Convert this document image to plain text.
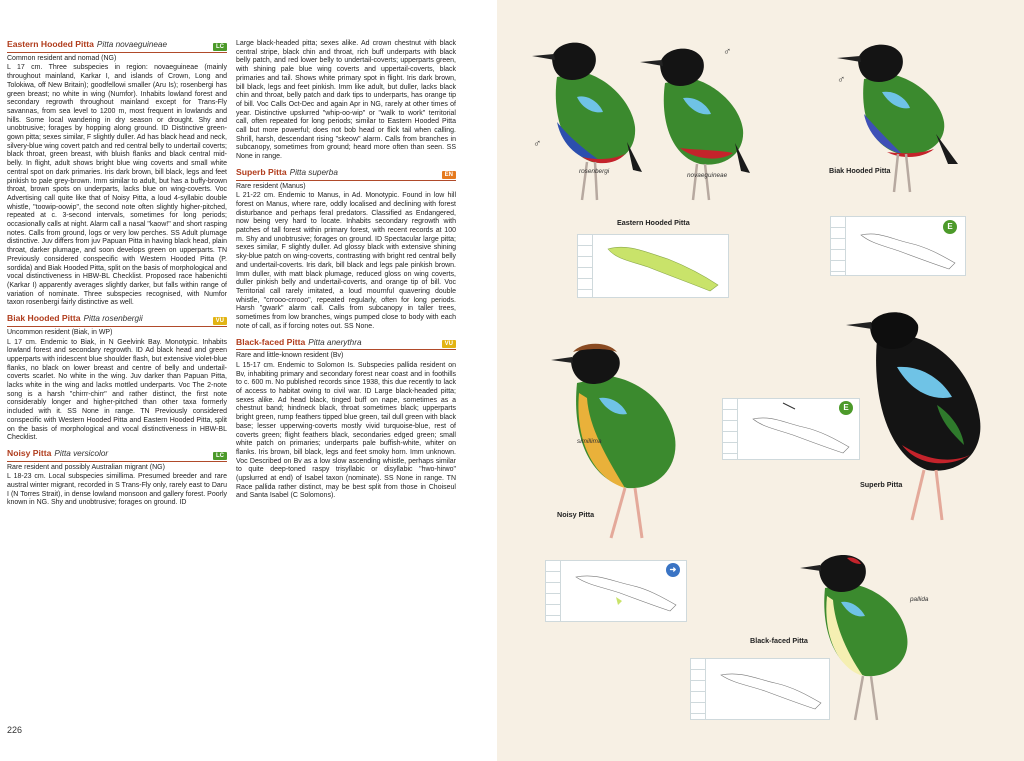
Eastern Hooded Pitta Pitta novaeguineae	LC
Common resident and nomad (NG)
L 17 cm. Three subspecies in region: novaeguineae (mainly throughout mainland, Karkar I, and islands of Crown, Long and Tolokiwa, off New Britain); goodfellowi smaller (Aru Is); rosenbergi has green breast; no white in wing (Numfor). Inhabits lowland forest and secondary regrowth throughout mainland except for Trans-Fly savannas, from sea level to 1200 m, most frequent in lowlands and hills. Some local wandering in dry season or drought. Shy and unobtrusive; forages by hopping along ground. ID Distinctive green-gown pitta; sexes similar, F slightly duller. Ad has black head and neck, silvery-blue wing covert patch and red central belly to undertail coverts; black throat, green breast, with bluish flanks and black central mid-belly. In flight, adult shows bright blue wing coverts and small white central spot on dark primaries. Iris dark brown, bill black, legs and feet pinkish to pale grey-brown. Imm similar to adult, but has a buffy-brown throat, brown spots on underparts, lacks blue on wing-coverts. Voc Advertising call quite like that of Noisy Pitta, a loud 4-syllabic double whistle, "toowip-oowip", the second note often slightly higher-pitched, repeated at c. 3-second intervals, sometimes for long periods; occasionally calls at night. Alarm call a nasal "kaow!" and short rasping notes. Calls from ground, logs or very low perches. SS Adult plumage distinctive. Juv differs from juv Papuan Pitta in having black head, plain throat, darker plumage, and soon develops green on upperparts. TN Previously considered conspecific with Western Hooded Pitta (P. sordida) and Biak Hooded Pitta, split on the basis of morphological and vocal distinctiveness in HBW-BL Checklist. Proposed race habenichti (Karkar I) apparently averages slightly darker, but falls within range of variation of nominate. Three subspecies recognised, with Numfor taxon rosenbergi fairly distinctive as well.
Biak Hooded Pitta Pitta rosenbergii	VU
Uncommon resident (Biak, in WP)
L 17 cm. Endemic to Biak, in N Geelvink Bay. Monotypic. Inhabits lowland forest and secondary regrowth. ID Ad black head and green upperparts with iridescent blue shoulder flash, but extensive violet-blue flanks, no black on lower breast and centre of belly and undertail-coverts scarlet. No white in the wing. Juv darker than Papuan Pitta, lacks white in the wing and lacks mottled underparts. Voc The 2-note song is a harsh "chirrr-chirr" and rather distinct, the first note considerably longer and higher-pitched than other taxa formerly included with it. SS None in range. TN Previously considered conspecific with Western Hooded Pitta and Eastern Hooded Pitta, split on the basis of morphological and vocal distinctiveness in HBW-BL Checklist.
Noisy Pitta Pitta versicolor	LC
Rare resident and possibly Australian migrant (NG)
L 18-23 cm. Local subspecies simillima. Presumed breeder and rare austral winter migrant, recorded in S Trans-Fly only, rarely east to Daru I (N Torres Strait), in dense lowland monsoon and gallery forest. Poorly known in NG. Shy and unobtrusive; forages on ground. ID
Large black-headed pitta; sexes alike. Ad crown chestnut with black central stripe, black chin and throat, rich buff underparts with black belly patch, and red lower belly to undertail-coverts; upperparts green, with shining pale blue wing coverts and uppertail-coverts, black primaries and tail. Shows white primary spot in flight. Iris dark brown, bill black, legs and feet pinkish. Imm like adult, but duller, lacks black chin and throat, belly patch and dark tips to underparts, has orange tip of bill. Voc Calls Oct-Dec and again Apr in NG, rarely at other times of year. Distinctive upslurred "whip-oo-wip" or "walk to work" territorial call, often repeated for long periods; similar to Eastern Hooded Pitta call but more powerful; does not bob head or flick tail when calling. Shrill, harsh, descendant rising "skeow" alarm. Calls from branches in subcanopy, sometimes from ground; heard more often than seen. SS None in range.
Superb Pitta Pitta superba	EN
Rare resident (Manus)
L 21-22 cm. Endemic to Manus, in Ad. Monotypic. Found in low hill forest on Manus, where rare, oddly localised and declining with forest disturbance and perhaps feral predators. Classified as Endangered, now being very hard to locate. Inhabits secondary regrowth with patches of tall forest within primary forest, with recent records at 100 m. Shy and unobtrusive; forages on ground. ID Spectacular large pitta; sexes similar, F slightly duller. Ad glossy black with extensive shining sky-blue patch on wing-coverts, contrasting with bright red central belly and undertail-coverts. Iris dark, bill black and legs pale pinkish brown. Imm duller, with matt black plumage, reduced gloss on wing coverts, duller pinkish belly and undertail-coverts, and orange tip of bill. Voc Territorial call rarely imitated, a loud mournful quavering double whistle, "crrooo-crrooo", repeated regularly, often for long periods. Harsh "gwark" alarm call. Calls from subcanopy in taller trees, sometimes from low branches, wings pumped close to body with each note of call, as if forcing notes out. SS None.
Black-faced Pitta Pitta anerythra	VU
Rare and little-known resident (Bv)
L 15-17 cm. Endemic to Solomon Is. Subspecies pallida resident on Bv, inhabiting primary and secondary forest near coast and in foothills to c. 600 m. No published records since 1938, this due recently to lack of access to habitat owing to civil war. ID Large black-headed pitta; sexes alike. Ad head black, tinged buff on nape, sometimes as a chestnut band; hindneck black, throat sometimes black; upperparts bright green, rump feathers tipped blue green, tail dull green with black base; lesser upperwing-coverts mostly vivid turquoise-blue, rest of coverts green; flight feathers black, secondaries edged green; small white patch on primaries; underparts pale buffish-white, whiter on flanks. Iris brown, bill black, legs and feet smoky horn. Imm unknown. Voc Described on Bv as a low slow ascending whistle, perhaps similar to quite deep-toned raspy trisyllabic or disyllabic "hwo-hirwo" (upslurred at end) of Isabel taxon (nominate). SS None in range. TN Race pallida rather distinct, may be best split from those in Choiseul and Santa Isabel (C Solomons).
226
♂
rosenbergi
♂
novaeguineae
Eastern Hooded Pitta
♂
Biak Hooded Pitta
E
Superb Pitta
simillima
Noisy Pitta
E
➜
pallida
Black-faced Pitta
